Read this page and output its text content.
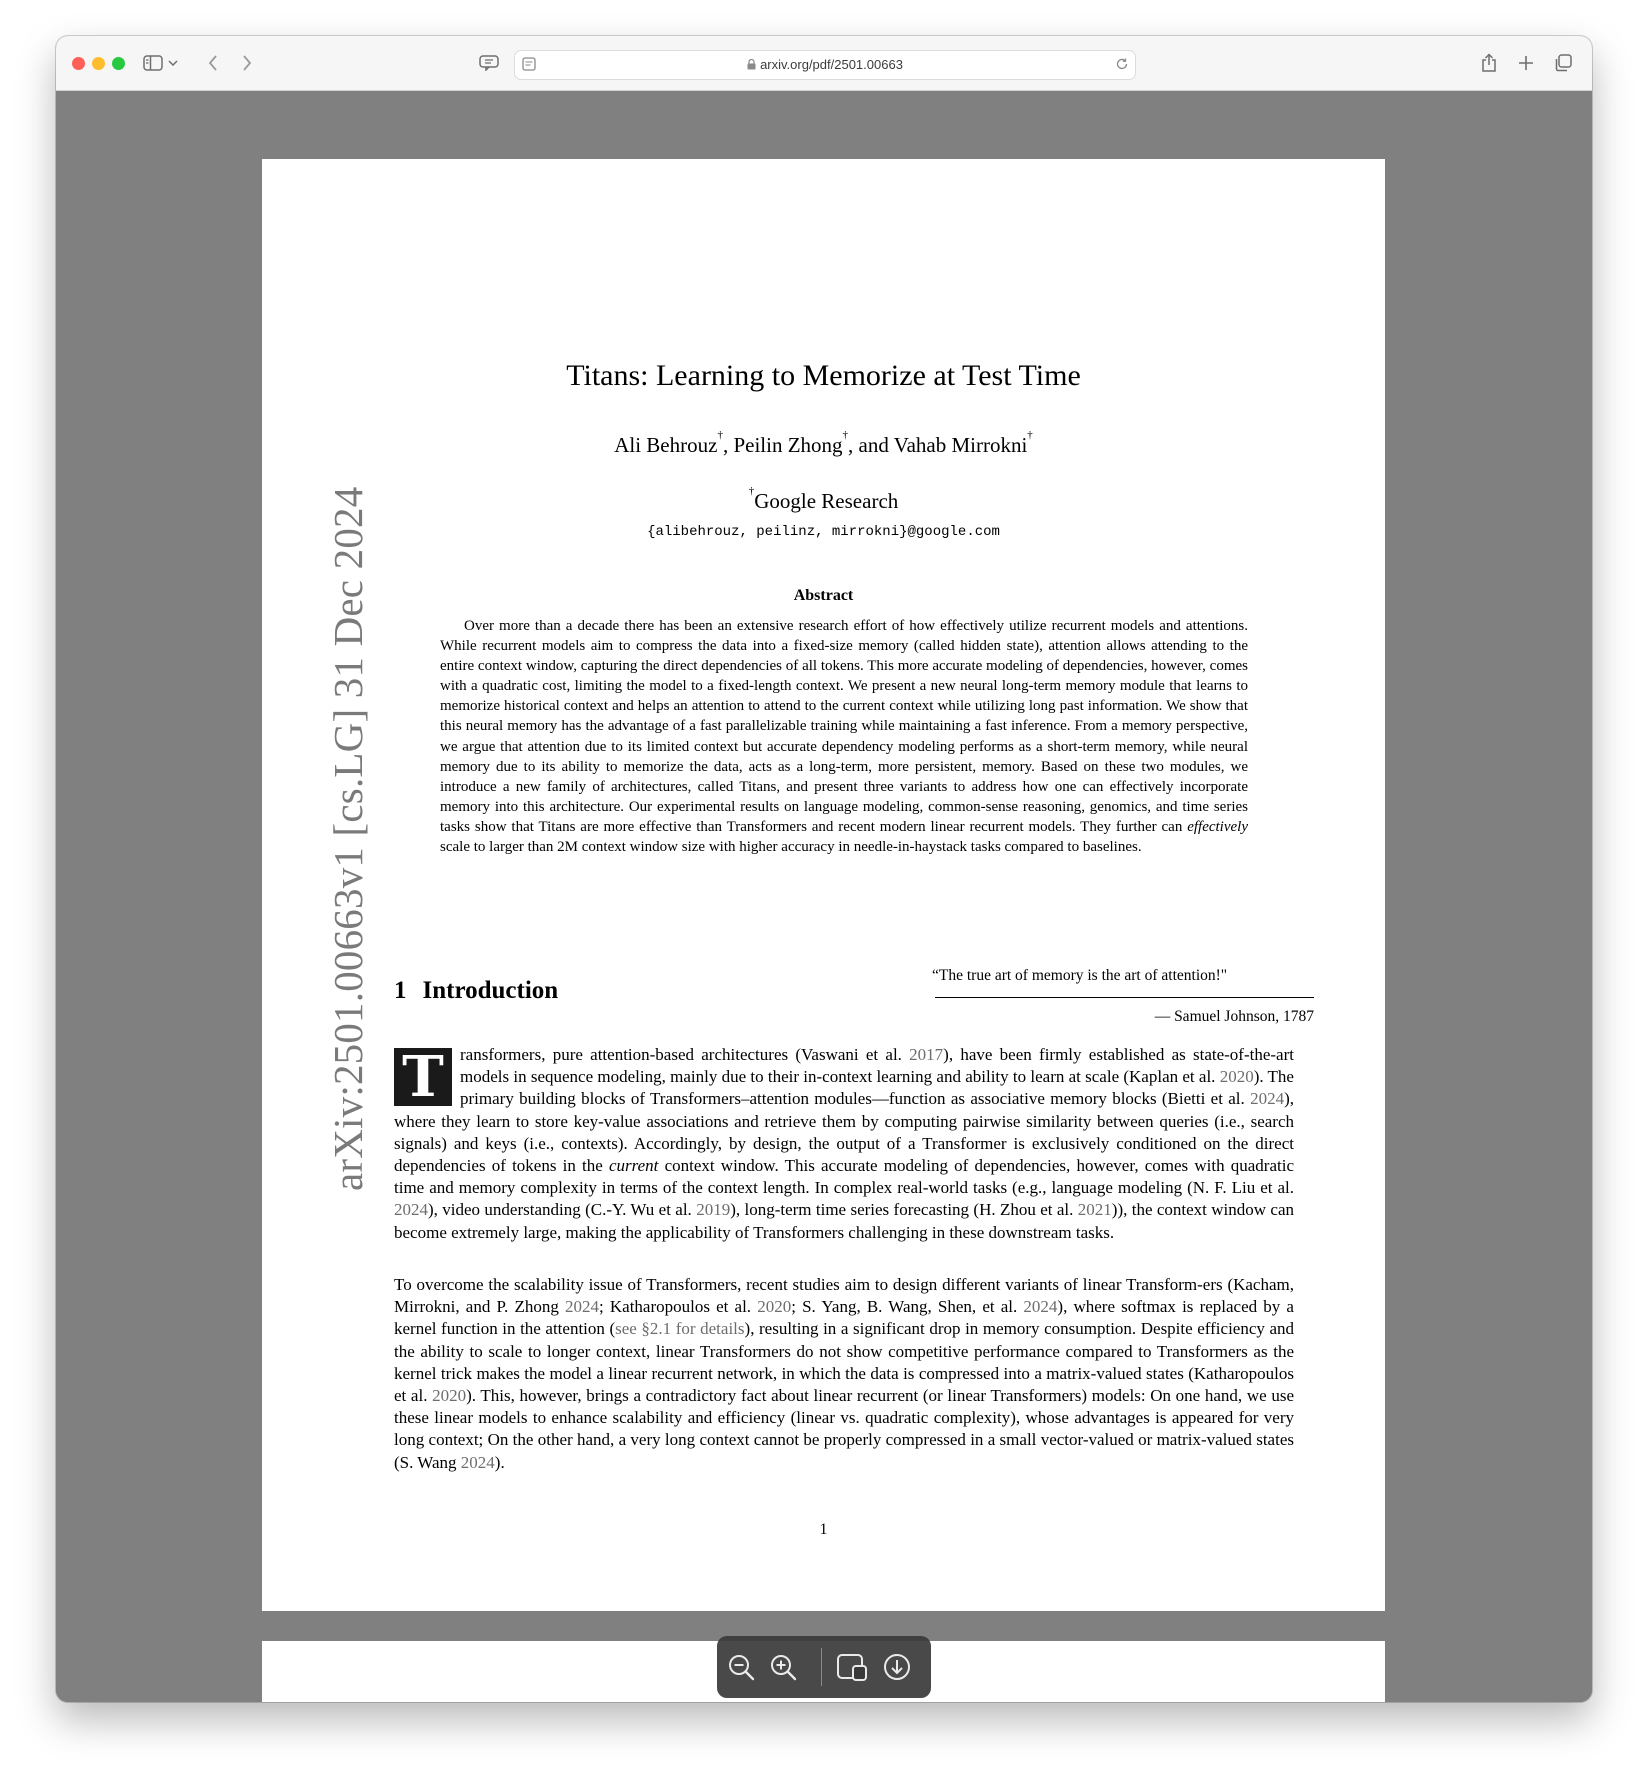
arxiv.org/pdf/2501.00663
arXiv:2501.00663v1 [cs.LG] 31 Dec 2024
Titans: Learning to Memorize at Test Time
Ali Behrouz†, Peilin Zhong†, and Vahab Mirrokni†
†Google Research
{alibehrouz, peilinz, mirrokni}@google.com
Abstract

Over more than a decade there has been an extensive research effort of how effectively utilize recurrent models and attentions. While recurrent models aim to compress the data into a fixed-size memory (called hidden state), attention allows attending to the entire context window, capturing the direct dependencies of all tokens. This more accurate modeling of dependencies, however, comes with a quadratic cost, limiting the model to a fixed-length context. We present a new neural long-term memory module that learns to memorize historical context and helps an attention to attend to the current context while utilizing long past information. We show that this neural memory has the advantage of a fast parallelizable training while maintaining a fast inference. From a memory perspective, we argue that attention due to its limited context but accurate dependency modeling performs as a short-term memory, while neural memory due to its ability to memorize the data, acts as a long-term, more persistent, memory. Based on these two modules, we introduce a new family of architectures, called Titans, and present three variants to address how one can effectively incorporate memory into this architecture. Our experimental results on language modeling, common-sense reasoning, genomics, and time series tasks show that Titans are more effective than Transformers and recent modern linear recurrent models. They further can effectively scale to larger than 2M context window size with higher accuracy in needle-in-haystack tasks compared to baselines.

“The true art of memory is the art of attention!"
— Samuel Johnson, 1787
1 Introduction

T ransformers, pure attention-based architectures (Vaswani et al. 2017), have been firmly established as state-of-the-art models in sequence modeling, mainly due to their in-context learning and ability to learn at scale (Kaplan et al. 2020). The primary building blocks of Transformers–attention modules—function as associative memory blocks (Bietti et al. 2024), where they learn to store key-value associations and retrieve them by computing pairwise similarity between queries (i.e., search signals) and keys (i.e., contexts). Accordingly, by design, the output of a Transformer is exclusively conditioned on the direct dependencies of tokens in the current context window. This accurate modeling of dependencies, however, comes with quadratic time and memory complexity in terms of the context length. In complex real-world tasks (e.g., language modeling (N. F. Liu et al. 2024), video understanding (C.-Y. Wu et al. 2019), long-term time series forecasting (H. Zhou et al. 2021)), the context window can become extremely large, making the applicability of Transformers challenging in these downstream tasks.

To overcome the scalability issue of Transformers, recent studies aim to design different variants of linear Transform-ers (Kacham, Mirrokni, and P. Zhong 2024; Katharopoulos et al. 2020; S. Yang, B. Wang, Shen, et al. 2024), where softmax is replaced by a kernel function in the attention (see §2.1 for details), resulting in a significant drop in memory consumption. Despite efficiency and the ability to scale to longer context, linear Transformers do not show competitive performance compared to Transformers as the kernel trick makes the model a linear recurrent network, in which the data is compressed into a matrix-valued states (Katharopoulos et al. 2020). This, however, brings a contradictory fact about linear recurrent (or linear Transformers) models: On one hand, we use these linear models to enhance scalability and efficiency (linear vs. quadratic complexity), whose advantages is appeared for very long context; On the other hand, a very long context cannot be properly compressed in a small vector-valued or matrix-valued states (S. Wang 2024).

1
